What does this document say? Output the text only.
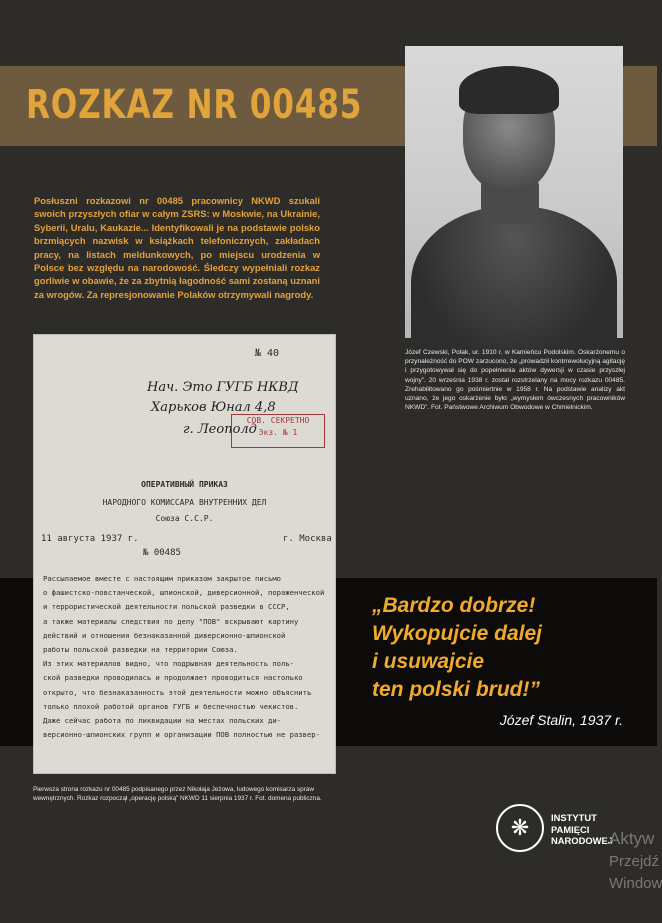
ROZKAZ NR 00485

Posłuszni rozkazowi nr 00485 pracownicy NKWD szukali swoich przyszłych ofiar w całym ZSRS: w Moskwie, na Ukrainie, Syberii, Uralu, Kaukazie... Identyfikowali je na podstawie polsko brzmiących nazwisk w książkach telefonicznych, zakładach pracy, na listach meldunkowych, po miejscu urodzenia w Polsce bez względu na narodowość. Śledczy wypełniali rozkaz gorliwie w obawie, że za zbytnią łagodność sami zostaną uznani za wrogów. Za represjonowanie Polaków otrzymywali nagrody.

Józef Czewski, Polak, ur. 1910 r. w Kamieńcu Podolskim. Oskarżonemu o przynależność do POW zarzucono, że „prowadził kontrrewolucyjną agitację i przygotowywał się do popełnienia aktów dywersji w czasie przyszłej wojny”. 20 września 1938 r. został rozstrzelany na mocy rozkazu 00485. Zrehabilitowano go pośmiertnie w 1958 r. Na podstawie analizy akt uznano, że jego oskarżenie było „wymysłem ówczesnych pracowników NKWD”. Fot. Państwowe Archiwum Obwodowe w Chmielnickim.

„Bardzo dobrze!
Wykopujcie dalej
i usuwajcie
ten polski brud!”

Józef Stalin, 1937 r.

№ 40
Нач. Это ГУГБ НКВД
Харьков Юнал 4,8
г. Леополд
СОВ. СЕКРЕТНО
Экз. № 1
ОПЕРАТИВНЫЙ ПРИКАЗ
НАРОДНОГО КОМИССАРА ВНУТРЕННИХ ДЕЛ
Союза С.С.Р.
11 августа 1937 г.	г. Москва
№ 00485
Рассылаемое вместе с настоящим приказом закрытое письмо
о фашистско-повстанческой, шпионской, диверсионной, пораженческой
и террористической деятельности польской разведки в СССР,
а также материалы следствия по делу "ПОВ" вскрывают картину
действий и отношения безнаказанной диверсионно-шпионской
работы польской разведки на территории Союза.
Из этих материалов видно, что подрывная деятельность поль-
ской разведки проводилась и продолжает проводиться настолько
открыто, что безнаказанность этой деятельности можно объяснить
только плохой работой органов ГУГБ и беспечностью чекистов.
Даже сейчас работа по ликвидации на местах польских ди-
версионно-шпионских групп и организации ПОВ полностью не развер-

Pierwsza strona rozkazu nr 00485 podpisanego przez Nikołaja Jeżowa, ludowego komisarza spraw wewnętrznych. Rozkaz rozpoczął „operację polską” NKWD 11 sierpnia 1937 r. Fot. domena publiczna.

❋	INSTYTUT
PAMIĘCI
NARODOWEJ

Aktyw
Przejdź
Window
